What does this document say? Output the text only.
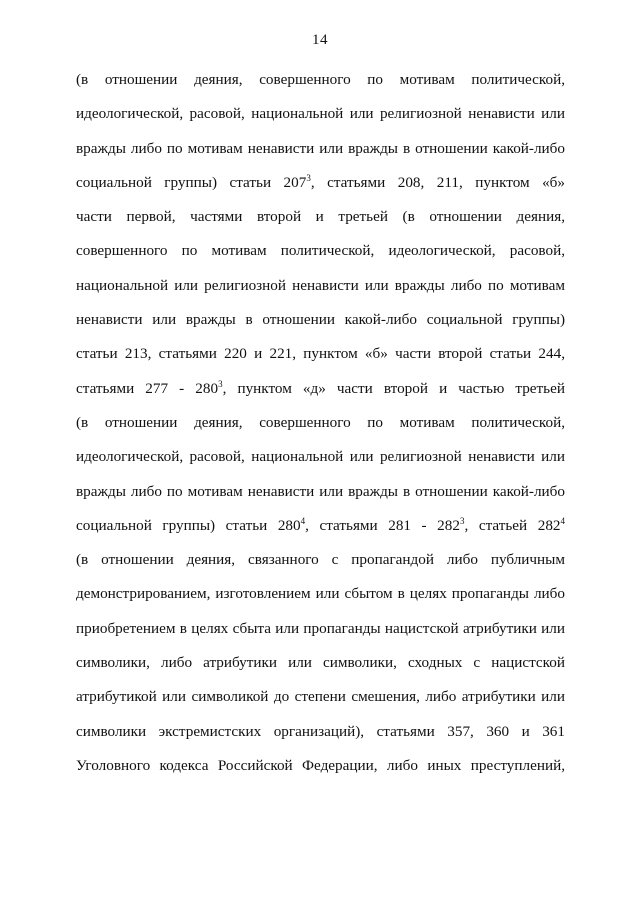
14
(в отношении деяния, совершенного по мотивам политической,
идеологической, расовой, национальной или религиозной ненависти или
вражды либо по мотивам ненависти или вражды в отношении какой-либо
социальной группы) статьи $207^3$, статьями 208, 211, пунктом «б»
части первой, частями второй и третьей (в отношении деяния,
совершенного по мотивам политической, идеологической, расовой,
национальной или религиозной ненависти или вражды либо по мотивам
ненависти или вражды в отношении какой-либо социальной группы)
статьи 213, статьями 220 и 221, пунктом «б» части второй статьи 244,
статьями $277 - 280^3$, пунктом «д» части второй и частью третьей
(в отношении деяния, совершенного по мотивам политической,
идеологической, расовой, национальной или религиозной ненависти или
вражды либо по мотивам ненависти или вражды в отношении какой-либо
социальной группы) статьи $280^4$, статьями $281 - 282^3$, статьей $282^4$
(в отношении деяния, связанного с пропагандой либо публичным
демонстрированием, изготовлением или сбытом в целях пропаганды либо
приобретением в целях сбыта или пропаганды нацистской атрибутики или
символики, либо атрибутики или символики, сходных с нацистской
атрибутикой или символикой до степени смешения, либо атрибутики или
символики экстремистских организаций), статьями 357, 360 и 361
Уголовного кодекса Российской Федерации, либо иных преступлений,
